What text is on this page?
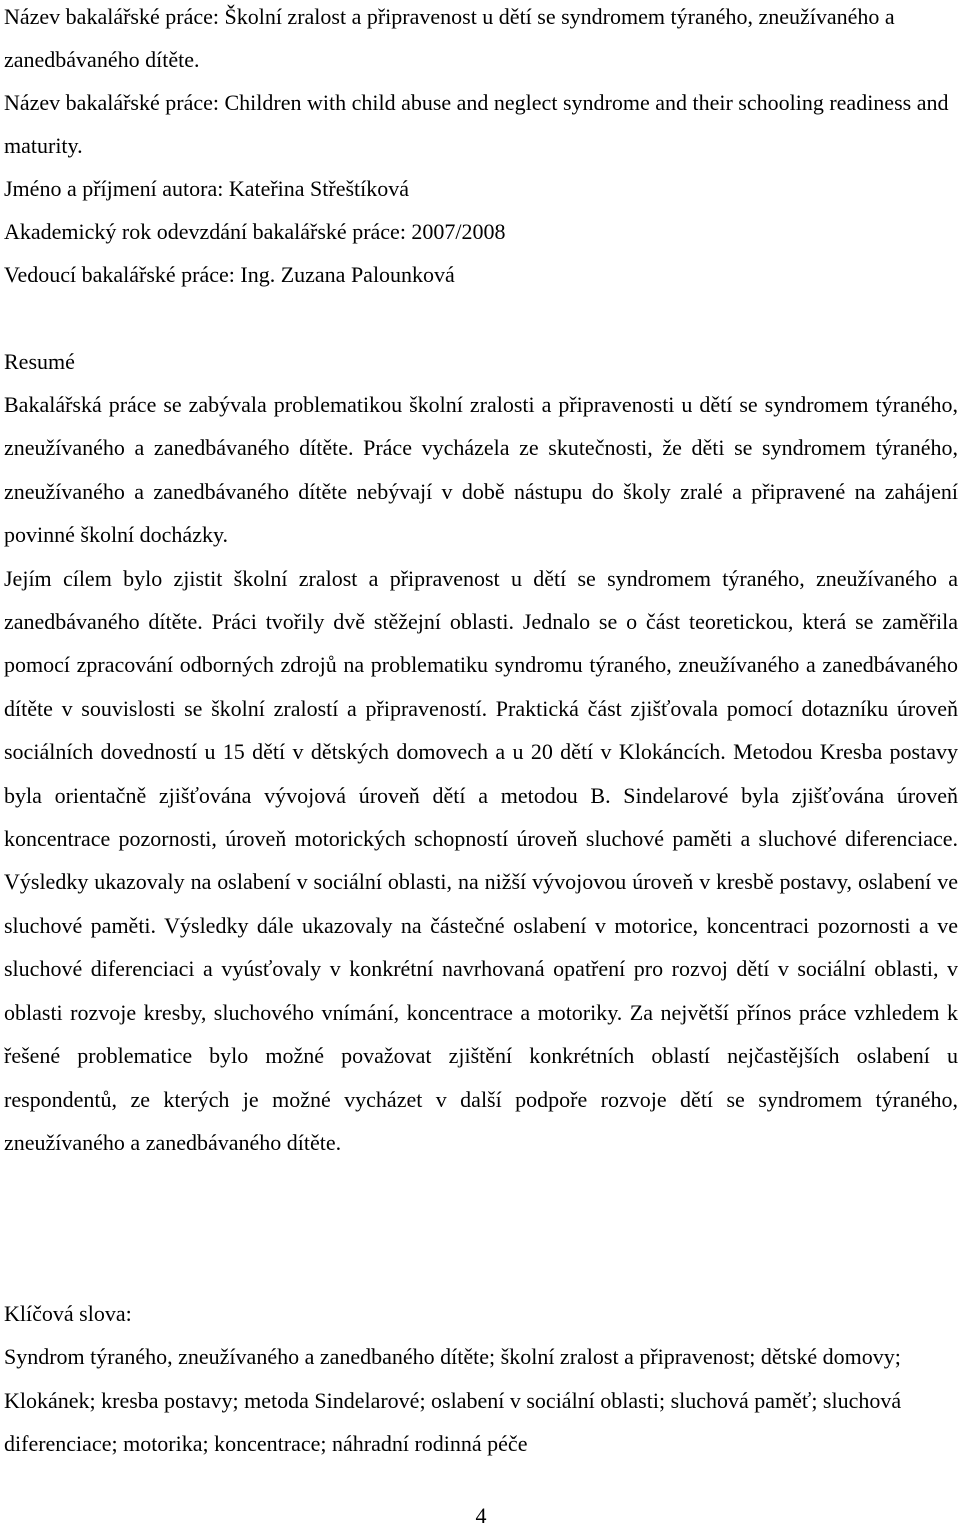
Název bakalářské práce: Školní zralost a připravenost u dětí se syndromem týraného, zneužívaného a zanedbávaného dítěte.

Název bakalářské práce: Children with child abuse and neglect syndrome and their schooling readiness and maturity.

Jméno a příjmení autora: Kateřina Střeštíková

Akademický rok odevzdání bakalářské práce: 2007/2008

Vedoucí bakalářské práce: Ing. Zuzana Palounková

Resumé

Bakalářská práce se zabývala problematikou školní zralosti a připravenosti u dětí se syndromem týraného, zneužívaného a zanedbávaného dítěte. Práce vycházela ze skutečnosti, že děti se syndromem týraného, zneužívaného a zanedbávaného dítěte nebývají v době nástupu do školy zralé a připravené na zahájení povinné školní docházky.

Jejím cílem bylo zjistit školní zralost a připravenost u dětí se syndromem týraného, zneužívaného a zanedbávaného dítěte. Práci tvořily dvě stěžejní oblasti. Jednalo se o část teoretickou, která se zaměřila pomocí zpracování odborných zdrojů na problematiku syndromu týraného, zneužívaného a zanedbávaného dítěte v souvislosti se školní zralostí a připraveností. Praktická část zjišťovala pomocí dotazníku úroveň sociálních dovedností u 15 dětí v dětských domovech a u 20 dětí v Klokáncích. Metodou Kresba postavy byla orientačně zjišťována vývojová úroveň dětí a metodou B. Sindelarové byla zjišťována úroveň koncentrace pozornosti, úroveň motorických schopností úroveň sluchové paměti a sluchové diferenciace. Výsledky ukazovaly na oslabení v sociální oblasti, na nižší vývojovou úroveň v kresbě postavy, oslabení ve sluchové paměti. Výsledky dále ukazovaly na částečné oslabení v motorice, koncentraci pozornosti a ve sluchové diferenciaci a vyúsťovaly v konkrétní navrhovaná opatření pro rozvoj dětí v sociální oblasti, v oblasti rozvoje kresby, sluchového vnímání, koncentrace a motoriky. Za největší přínos práce vzhledem k řešené problematice bylo možné považovat zjištění konkrétních oblastí nejčastějších oslabení u respondentů, ze kterých je možné vycházet v další podpoře rozvoje dětí se syndromem týraného, zneužívaného a zanedbávaného dítěte.

Klíčová slova:

Syndrom týraného, zneužívaného a zanedbaného dítěte; školní zralost a připravenost; dětské domovy; Klokánek; kresba postavy; metoda Sindelarové; oslabení v sociální oblasti; sluchová paměť; sluchová diferenciace; motorika; koncentrace; náhradní rodinná péče

4
